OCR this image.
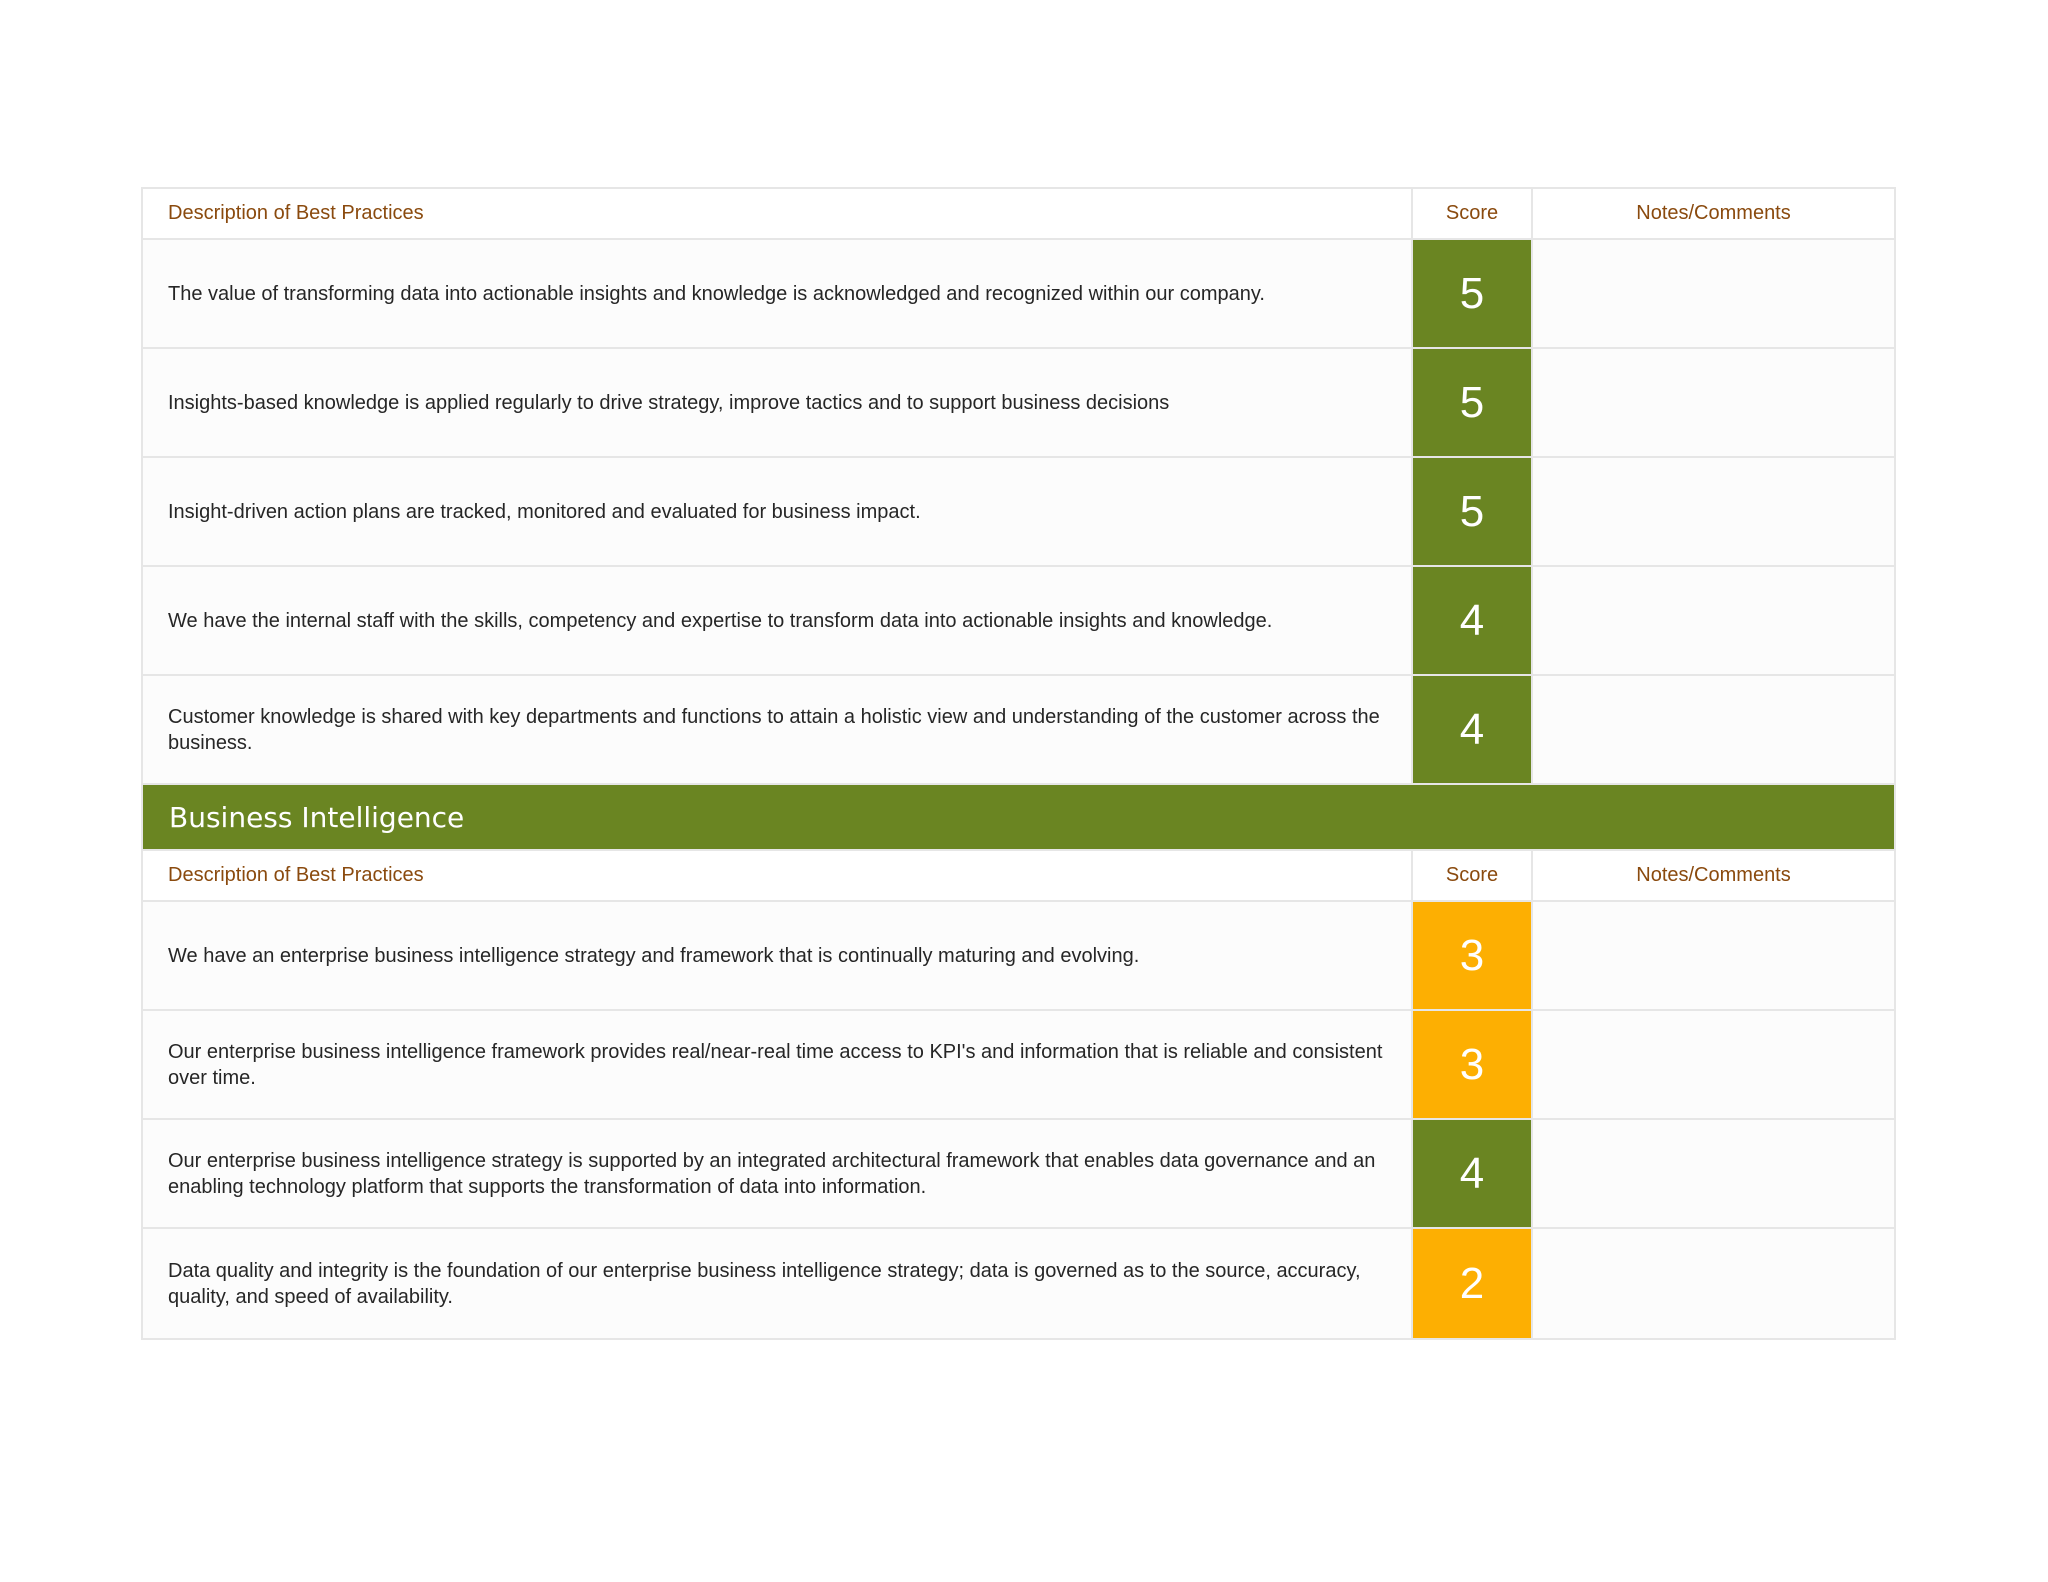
Description of Best Practices	Score	Notes/Comments
The value of transforming data into actionable insights and knowledge is acknowledged and recognized within our company.	5
Insights-based knowledge is applied regularly to drive strategy, improve tactics and to support business decisions	5
Insight-driven action plans are tracked, monitored and evaluated for business impact.	5
We have the internal staff with the skills, competency and expertise to transform data into actionable insights and knowledge.	4
Customer knowledge is shared with key departments and functions to attain a holistic view and understanding of the customer across the business.	4
Business Intelligence
Description of Best Practices	Score	Notes/Comments
We have an enterprise business intelligence strategy and framework that is continually maturing and evolving.	3
Our enterprise business intelligence framework provides real/near-real time access to KPI's and information that is reliable and consistent over time.	3
Our enterprise business intelligence strategy is supported by an integrated architectural framework that enables data governance and an enabling technology platform that supports the transformation of data into information.	4
Data quality and integrity is the foundation of our enterprise business intelligence strategy; data is governed as to the source, accuracy, quality, and speed of availability.	2
